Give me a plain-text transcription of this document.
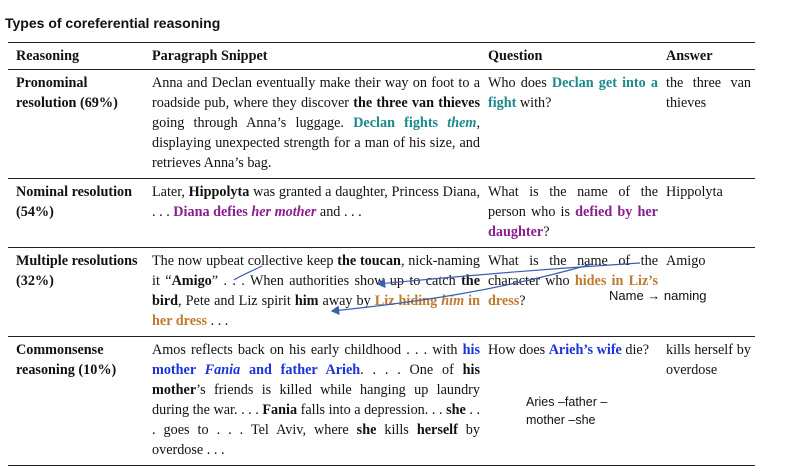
Types of coreferential reasoning
Reasoning	Paragraph Snippet	Question	Answer
Pronominal resolution (69%)	Anna and Declan eventually make their way on foot to a roadside pub, where they discover the three van thieves going through Anna’s luggage. Declan fights them, displaying unexpected strength for a man of his size, and retrieves Anna’s bag.	Who does Declan get into a fight with?	the three van thieves
Nominal resolution (54%)	Later, Hippolyta was granted a daughter, Princess Diana, . . . Diana defies her mother and . . .	What is the name of the person who is defied by her daughter?	Hippolyta
Multiple resolutions (32%)	The now upbeat collective keep the toucan, nick-naming it “Amigo” . . . When authorities show up to catch the bird, Pete and Liz spirit him away by Liz hiding him in her dress . . .	What is the name of the character who hides in Liz’s dress?	Amigo
Commonsense reasoning (10%)	Amos reflects back on his early childhood . . . with his mother Fania and father Arieh. . . . One of his mother’s friends is killed while hanging up laundry during the war. . . . Fania falls into a depression. . . she . . . goes to . . . Tel Aviv, where she kills herself by overdose . . .	How does Arieh’s wife die?	kills herself by overdose
Name → naming
Aries –father –
mother –she
